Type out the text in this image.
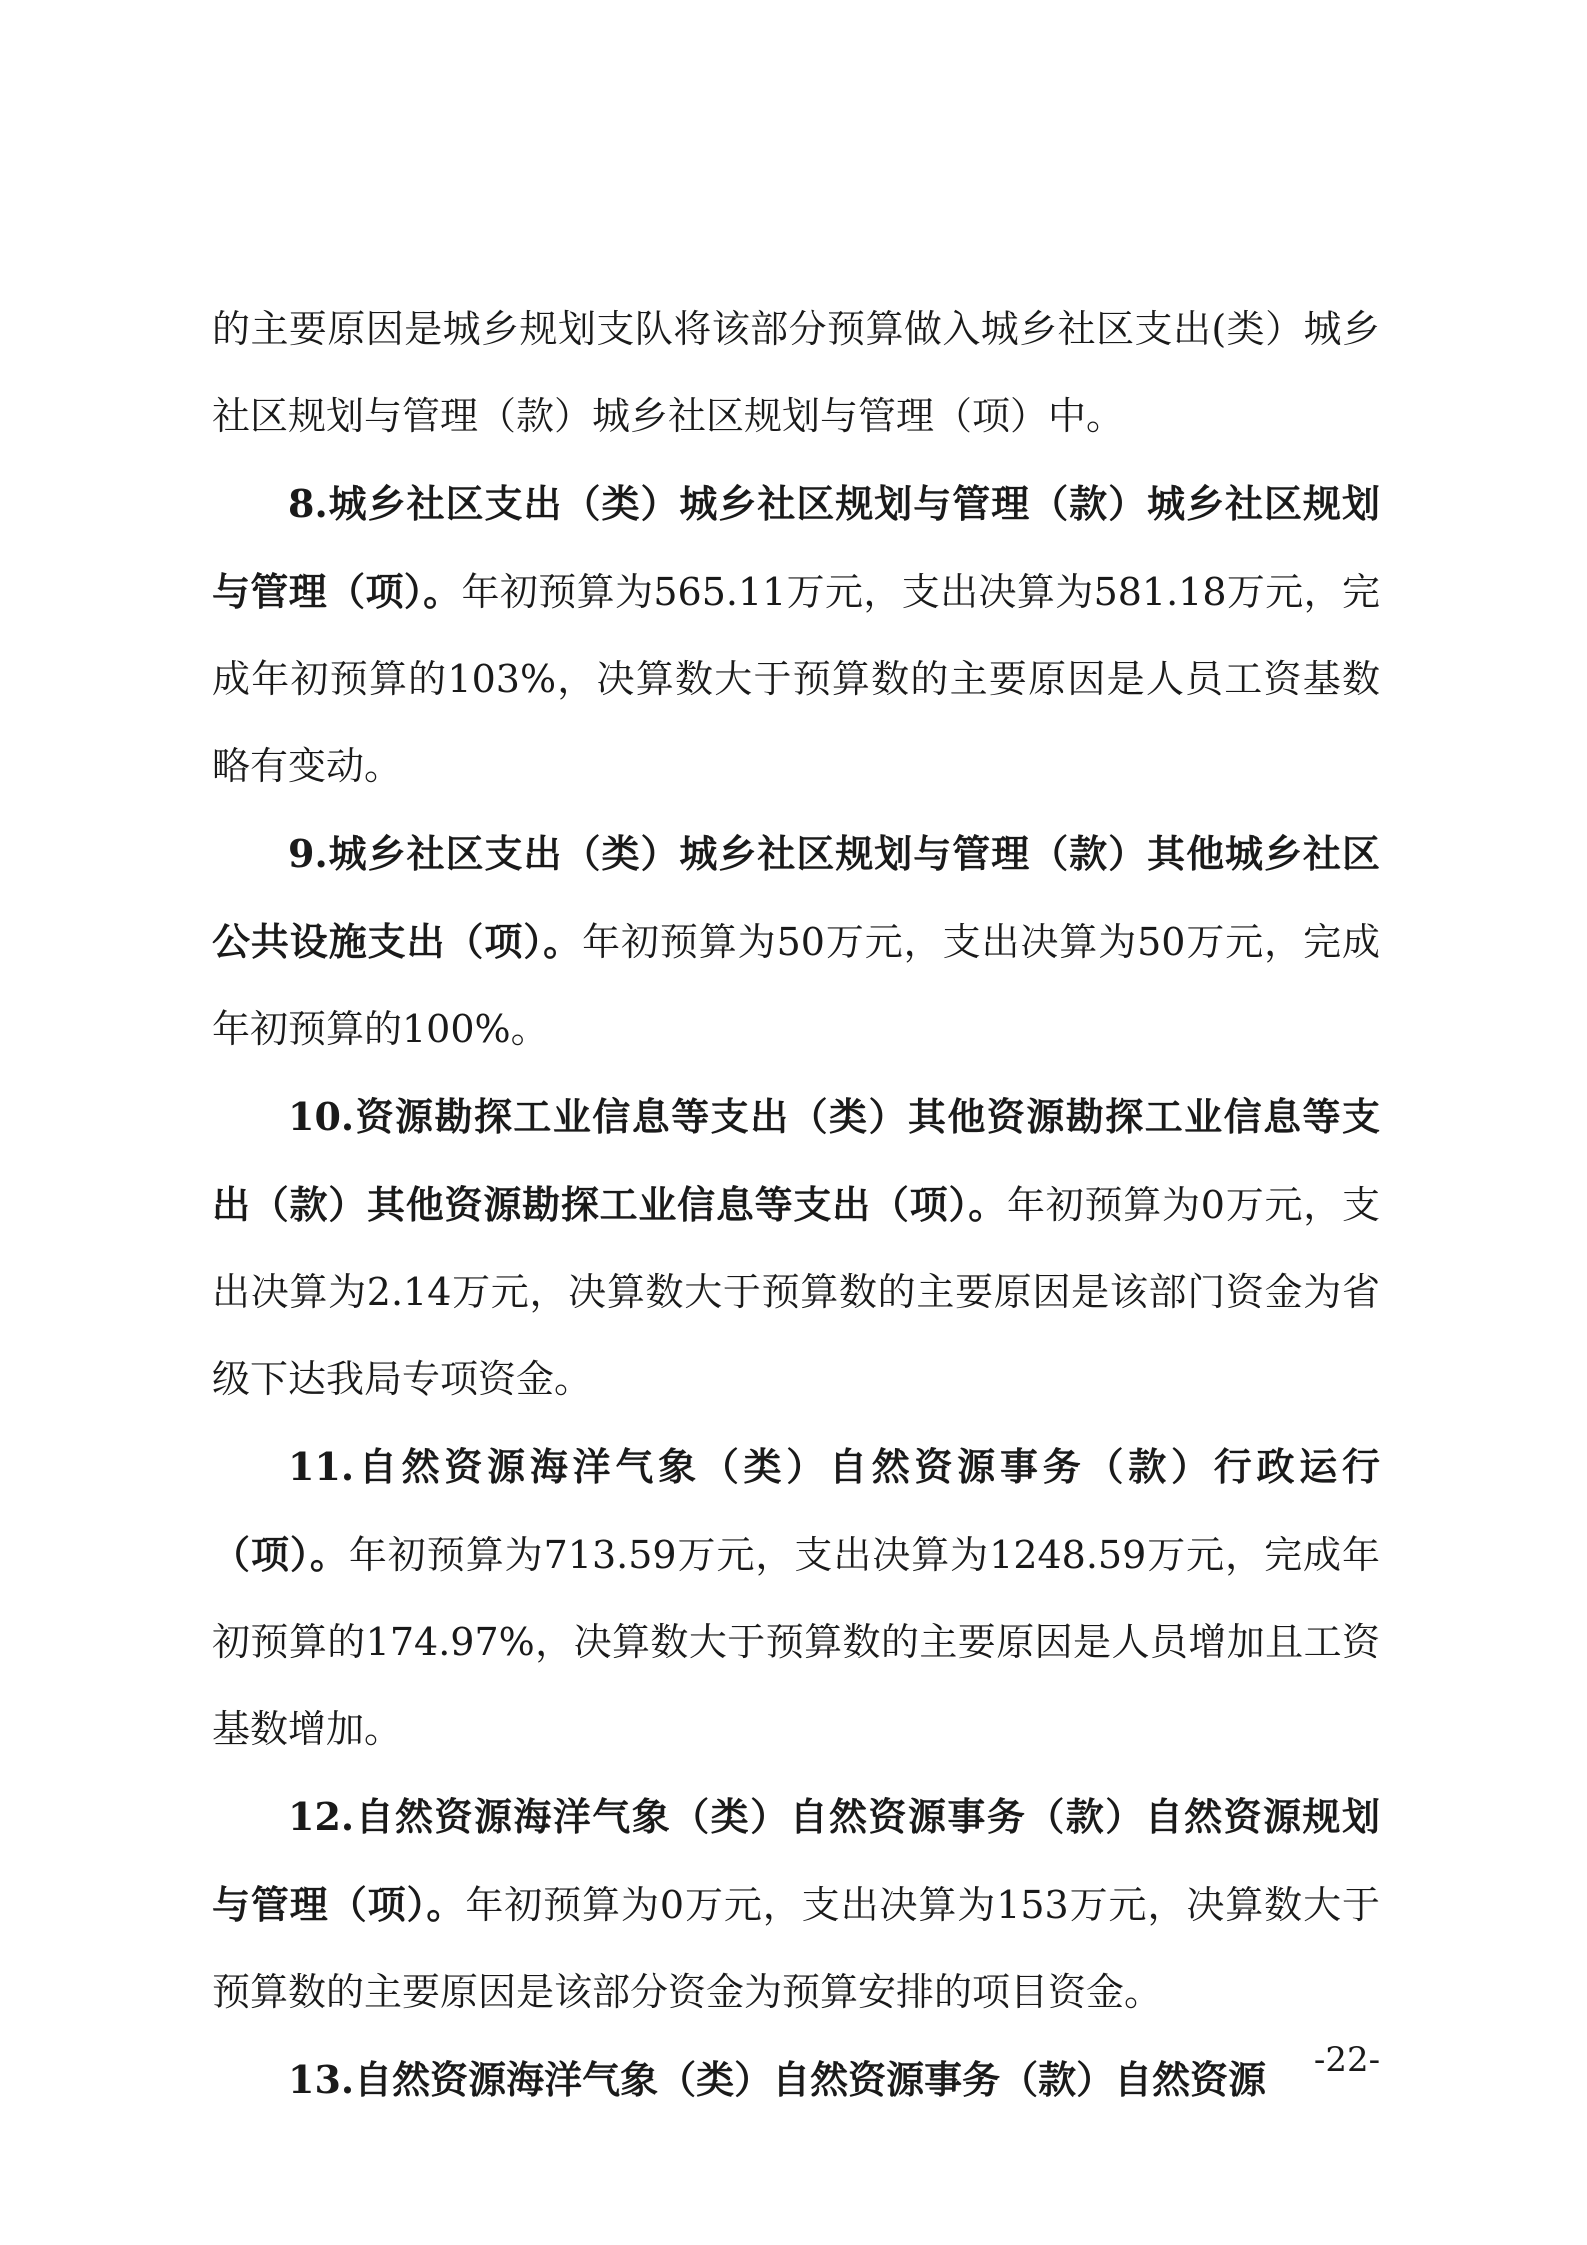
的主要原因是城乡规划支队将该部分预算做入城乡社区支出(类）城乡社区规划与管理（款）城乡社区规划与管理（项）中。

8.城乡社区支出（类）城乡社区规划与管理（款）城乡社区规划与管理（项）。年初预算为565.11万元，支出决算为581.18万元，完成年初预算的103%，决算数大于预算数的主要原因是人员工资基数略有变动。

9.城乡社区支出（类）城乡社区规划与管理（款）其他城乡社区公共设施支出（项）。年初预算为50万元，支出决算为50万元，完成年初预算的100%。

10.资源勘探工业信息等支出（类）其他资源勘探工业信息等支出（款）其他资源勘探工业信息等支出（项）。年初预算为0万元，支出决算为2.14万元，决算数大于预算数的主要原因是该部门资金为省级下达我局专项资金。

11.自然资源海洋气象（类）自然资源事务（款）行政运行（项）。年初预算为713.59万元，支出决算为1248.59万元，完成年初预算的174.97%，决算数大于预算数的主要原因是人员增加且工资基数增加。

12.自然资源海洋气象（类）自然资源事务（款）自然资源规划与管理（项）。年初预算为0万元，支出决算为153万元，决算数大于预算数的主要原因是该部分资金为预算安排的项目资金。

13.自然资源海洋气象（类）自然资源事务（款）自然资源	-22-
